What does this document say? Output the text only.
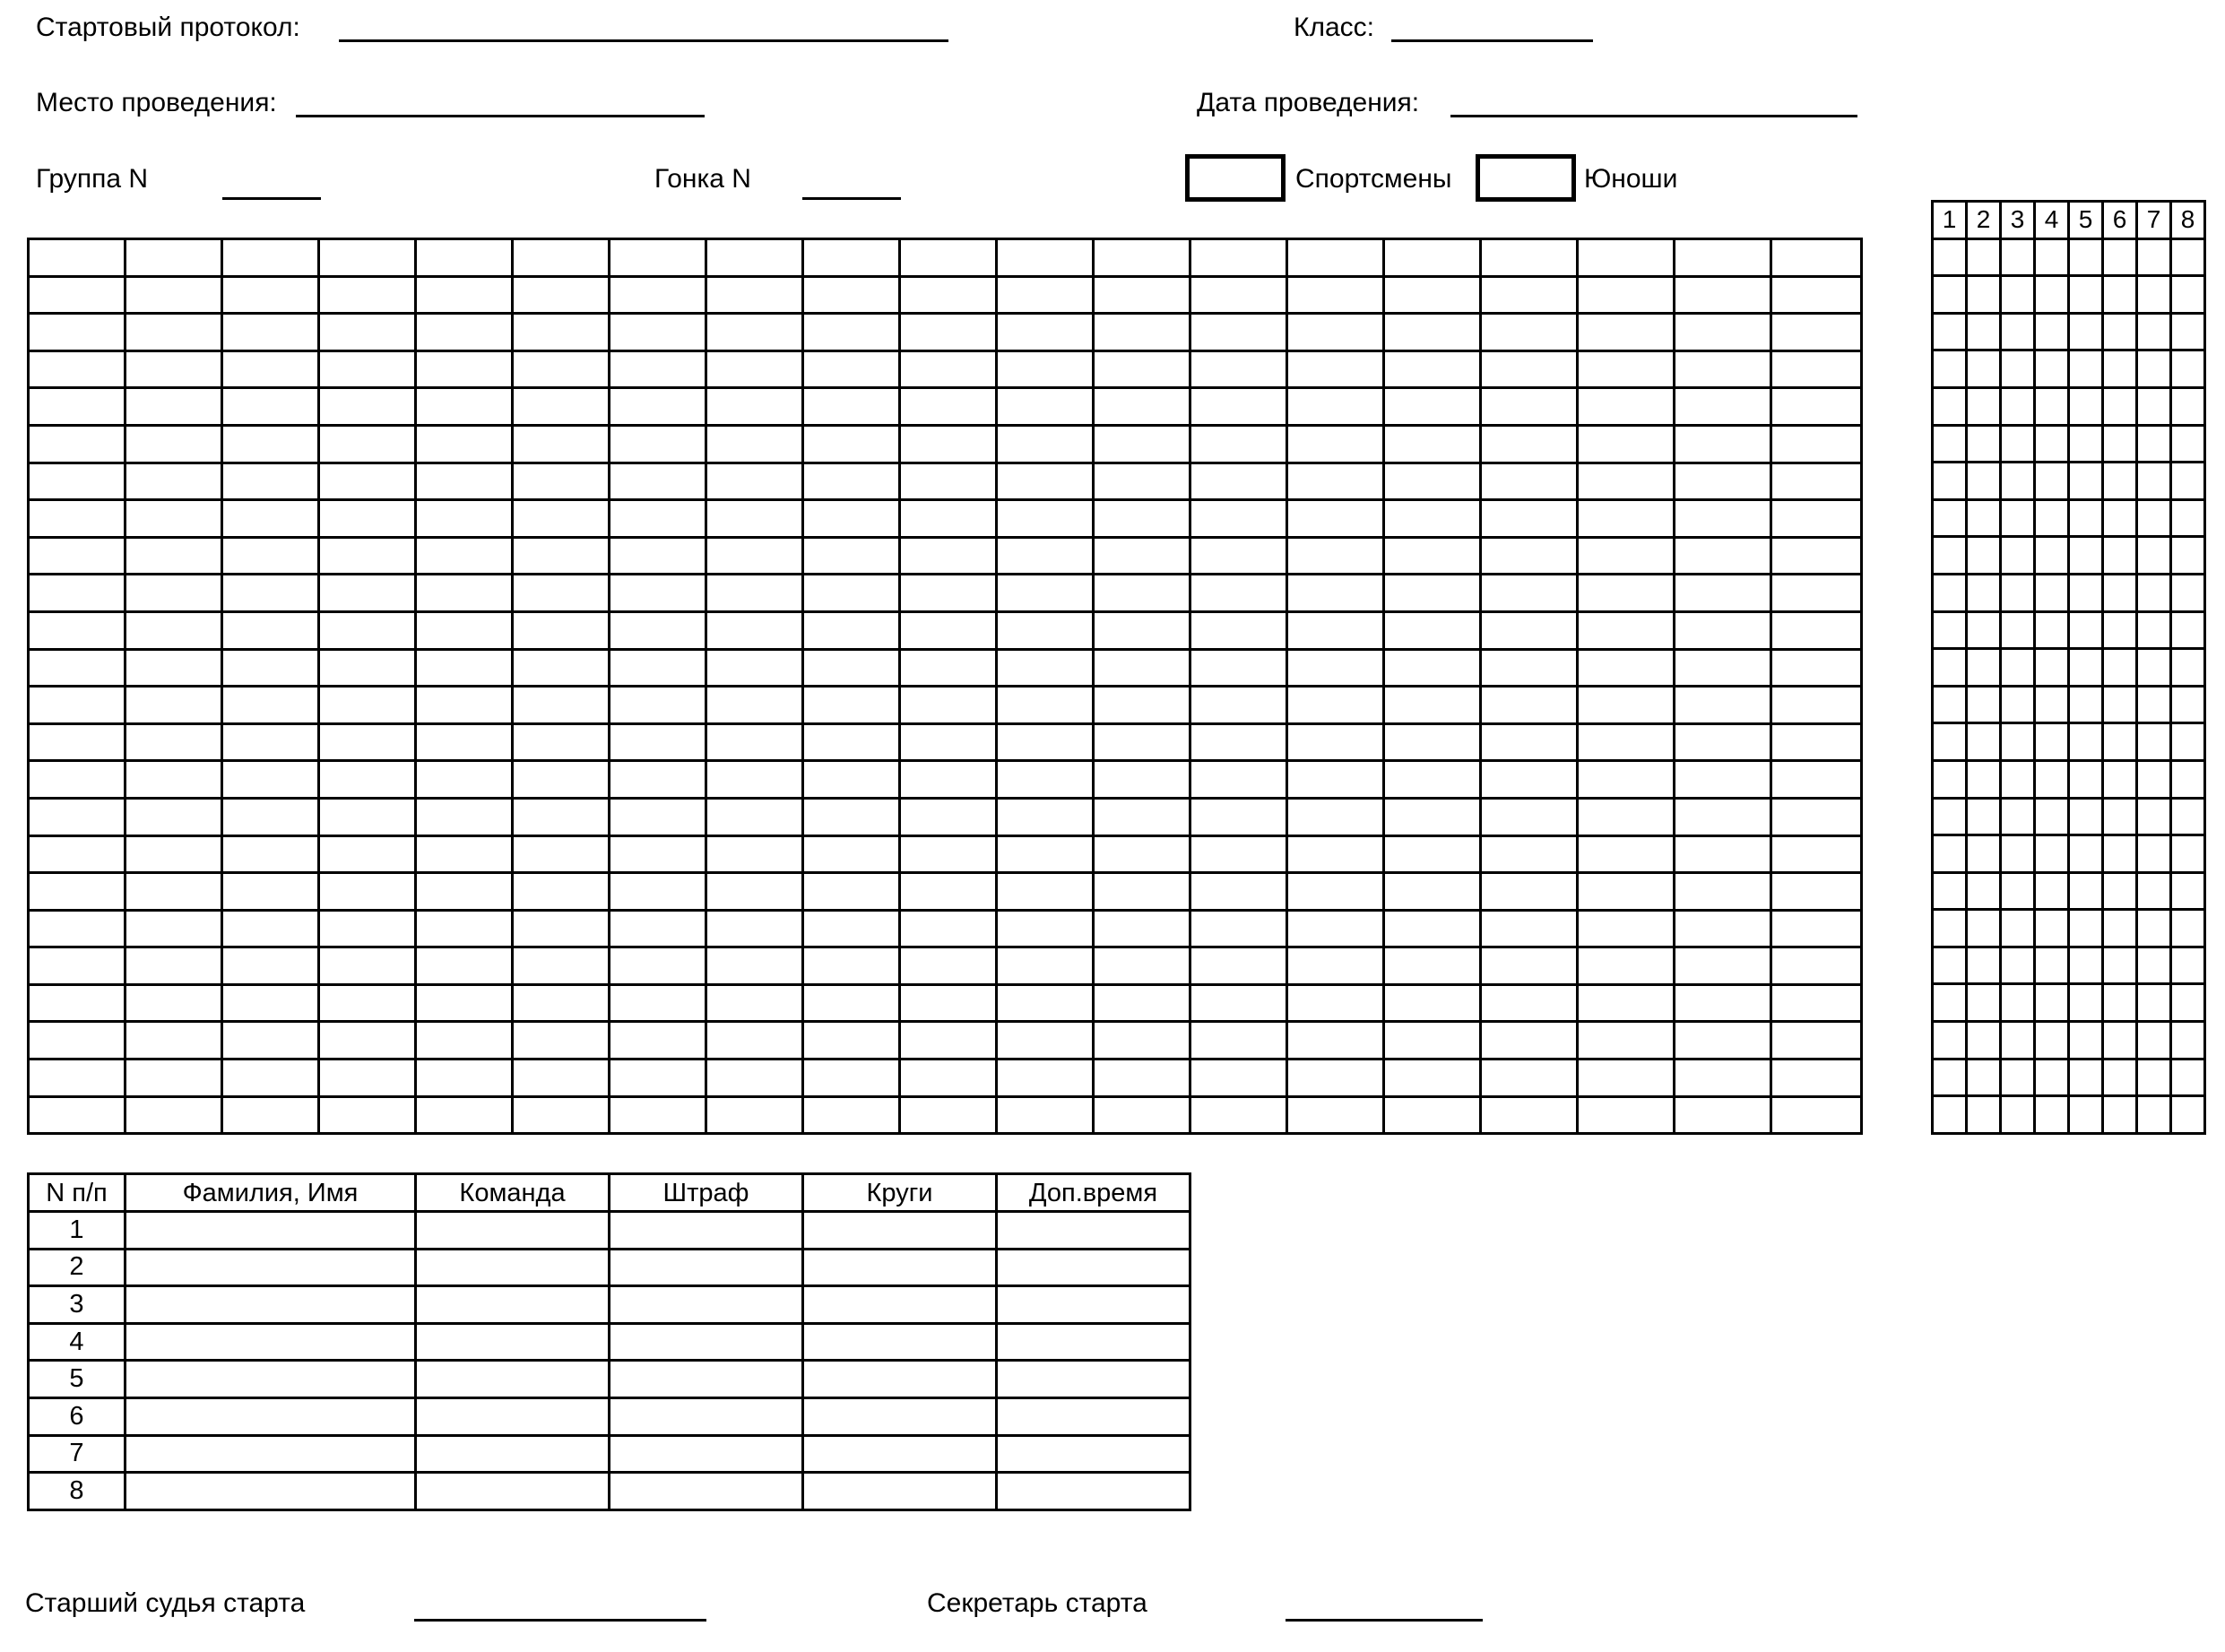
Стартовый протокол:	Класс:
Место проведения:	Дата проведения:
Группа N	Гонка N	Спортсмены	Юноши

1	2	3	4	5	6	7	8

N п/п	Фамилия, Имя	Команда	Штраф	Круги	Доп.время
1					
2					
3					
4					
5					
6					
7					
8					
Старший судья старта	Секретарь старта
